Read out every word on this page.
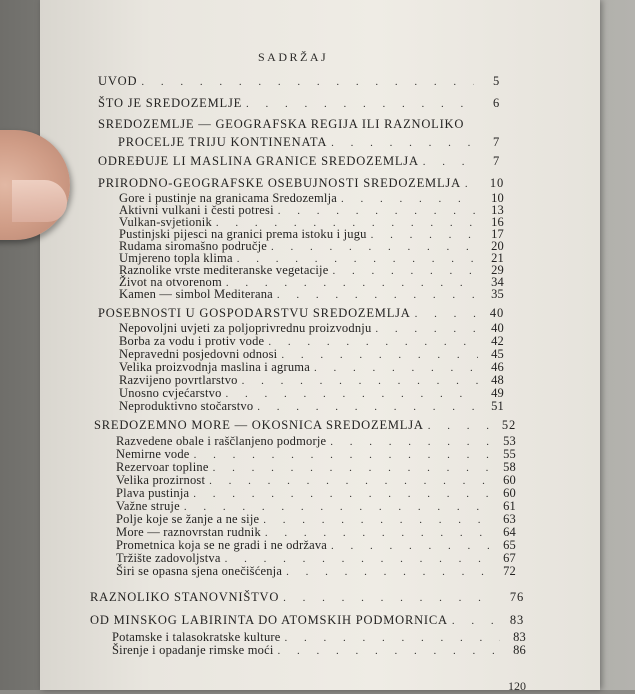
SADRŽAJ
UVOD . . .	5
ŠTO JE SREDOZEMLJE . . .	6
SREDOZEMLJE — GEOGRAFSKA REGIJA ILI RAZNOLIKO
PROCELJE TRIJU KONTINENATA . . .	7
ODREĐUJE LI MASLINA GRANICE SREDOZEMLJA . . .	7
PRIRODNO-GEOGRAFSKE OSEBUJNOSTI SREDOZEMLJA . . .	10
Gore i pustinje na granicama Sredozemlja . . .	10
Aktivni vulkani i česti potresi . . .	13
Vulkan-svjetionik . . .	16
Pustinjski pijesci na granici prema istoku i jugu . . .	17
Rudama siromašno područje . . .	20
Umjereno topla klima . . .	21
Raznolike vrste mediteranske vegetacije . . .	29
Život na otvorenom . . .	34
Kamen — simbol Mediterana . . .	35
POSEBNOSTI U GOSPODARSTVU SREDOZEMLJA . . .	40
Nepovoljni uvjeti za poljoprivrednu proizvodnju . . .	40
Borba za vodu i protiv vode . . .	42
Nepravedni posjedovni odnosi . . .	45
Velika proizvodnja maslina i agruma . . .	46
Razvijeno povrtlarstvo . . .	48
Unosno cvjećarstvo . . .	49
Neproduktivno stočarstvo . . .	51
SREDOZEMNO MORE — OKOSNICA SREDOZEMLJA . . .	52
Razvedene obale i raščlanjeno podmorje . . .	53
Nemirne vode . . .	55
Rezervoar topline . . .	58
Velika prozirnost . . .	60
Plava pustinja . . .	60
Važne struje . . .	61
Polje koje se žanje a ne sije . . .	63
More — raznovrstan rudnik . . .	64
Prometnica koja se ne gradi i ne održava . . .	65
Tržište zadovoljstva . . .	67
Širi se opasna sjena onečišćenja . . .	72
RAZNOLIKO STANOVNIŠTVO . . .	76
OD MINSKOG LABIRINTA DO ATOMSKIH PODMORNICA . . .	83
Potamske i talasokratske kulture . . .	83
Širenje i opadanje rimske moći . . .	86
120
